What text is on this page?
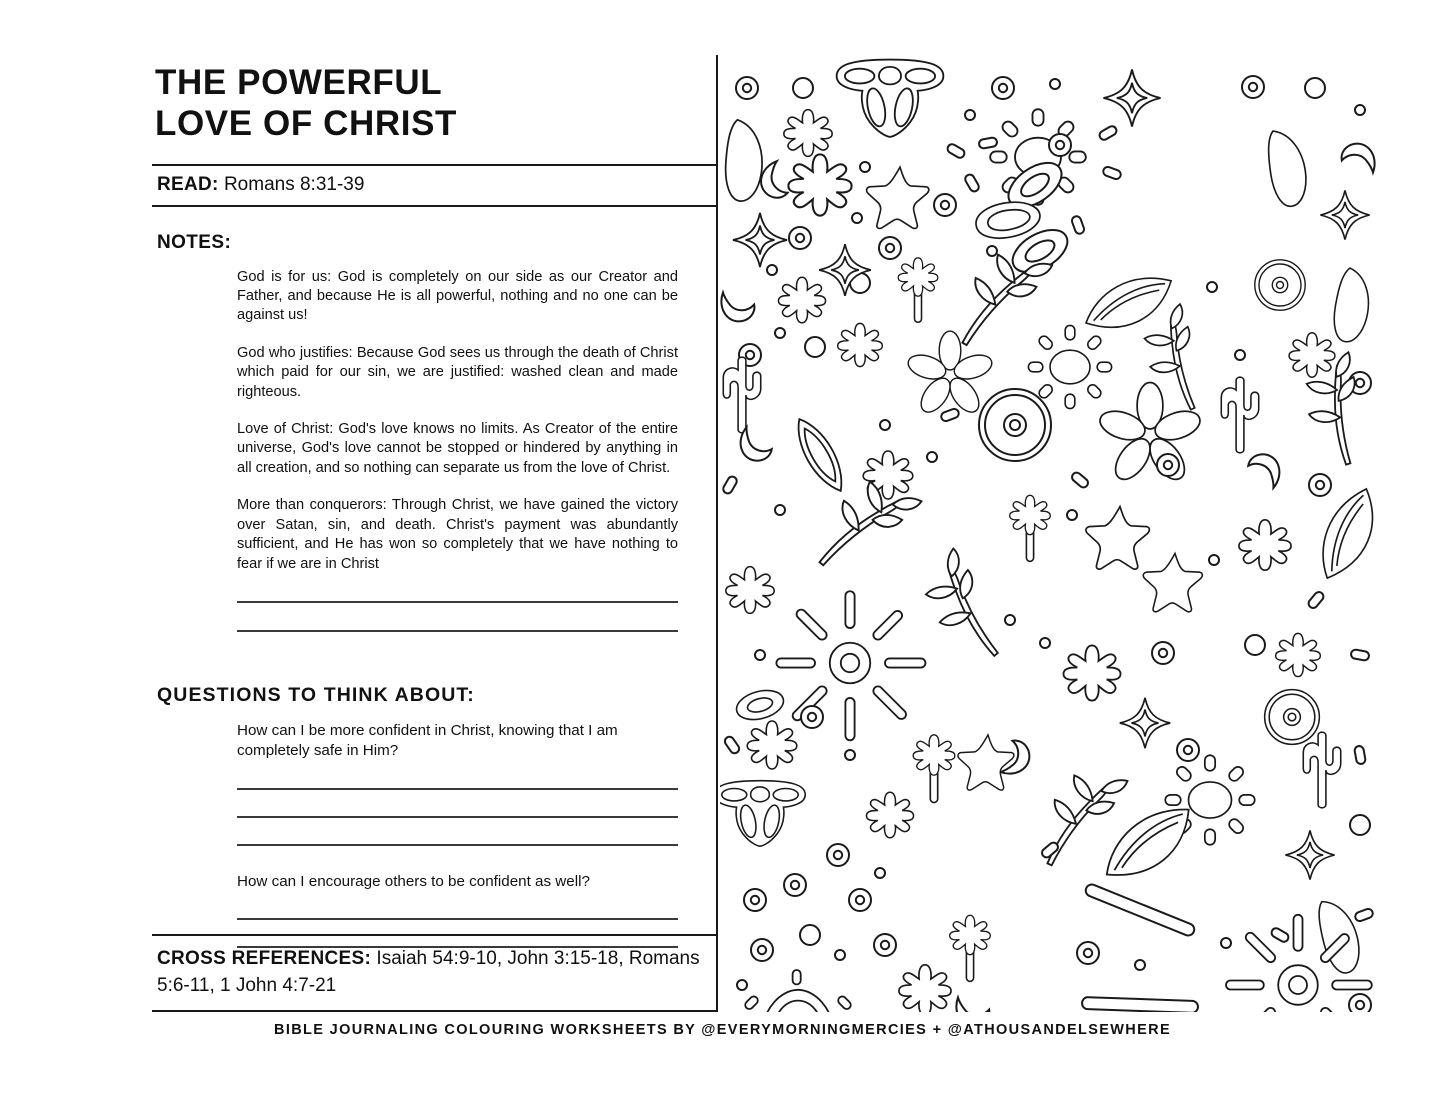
THE POWERFUL
LOVE OF CHRIST
READ: Romans 8:31-39
NOTES:

God is for us: God is completely on our side as our Creator and Father, and because He is all powerful, nothing and no one can be against us!

God who justifies: Because God sees us through the death of Christ which paid for our sin, we are justified: washed clean and made righteous.

Love of Christ: God's love knows no limits. As Creator of the entire universe, God's love cannot be stopped or hindered by anything in all creation, and so nothing can separate us from the love of Christ.

More than conquerors: Through Christ, we have gained the victory over Satan, sin, and death. Christ's payment was abundantly sufficient, and He has won so completely that we have nothing to fear if we are in Christ

QUESTIONS TO THINK ABOUT:
How can I be more confident in Christ, knowing that I am completely safe in Him?
How can I encourage others to be confident as well?
CROSS REFERENCES: Isaiah 54:9-10, John 3:15-18, Romans 5:6-11, 1 John 4:7-21
BIBLE JOURNALING COLOURING WORKSHEETS BY @EVERYMORNINGMERCIES + @ATHOUSANDELSEWHERE
